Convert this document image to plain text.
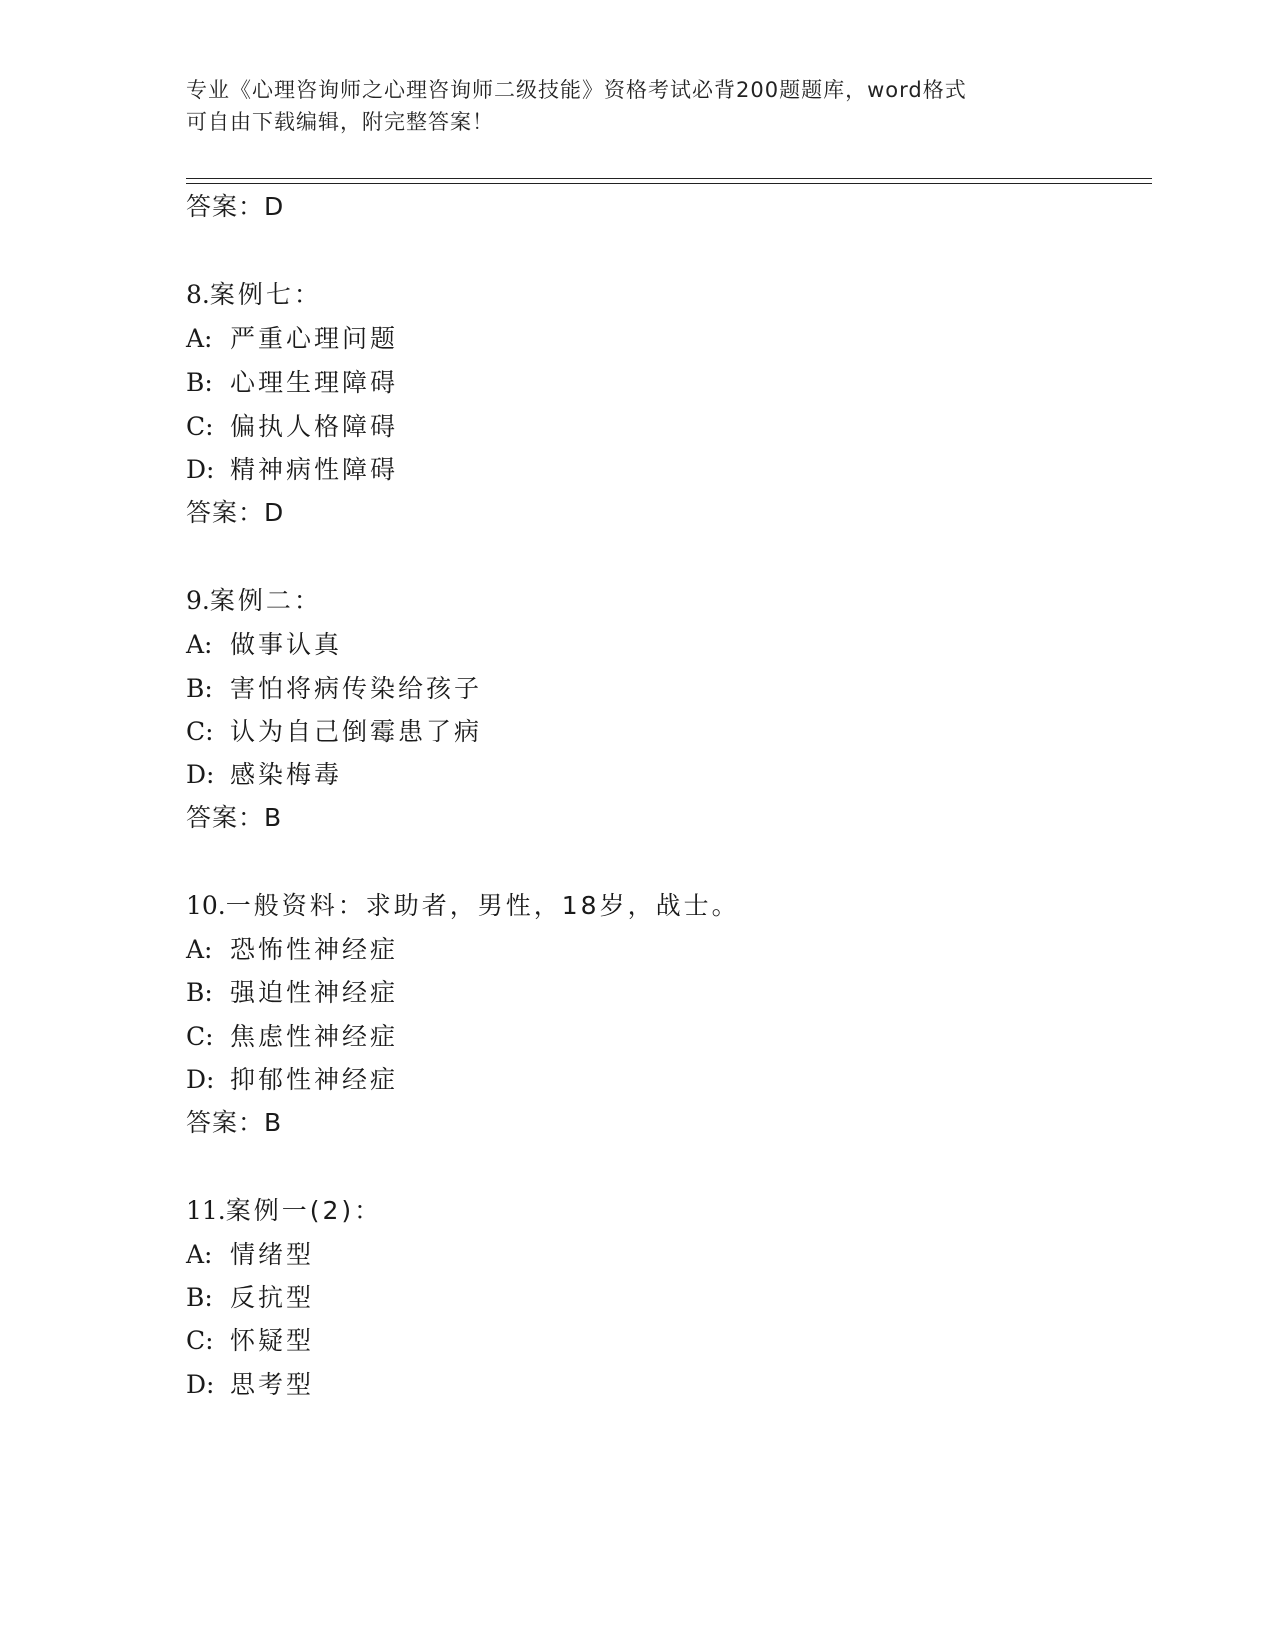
专业《心理咨询师之心理咨询师二级技能》资格考试必背200题题库，word格式
可自由下载编辑，附完整答案！
答案：D
8.案例七：
A: 严重心理问题
B: 心理生理障碍
C: 偏执人格障碍
D: 精神病性障碍
答案：D
9.案例二：
A: 做事认真
B: 害怕将病传染给孩子
C: 认为自己倒霉患了病
D: 感染梅毒
答案：B
10.一般资料：求助者，男性，18岁，战士。
A: 恐怖性神经症
B: 强迫性神经症
C: 焦虑性神经症
D: 抑郁性神经症
答案：B
11.案例一(2)：
A: 情绪型
B: 反抗型
C: 怀疑型
D: 思考型
